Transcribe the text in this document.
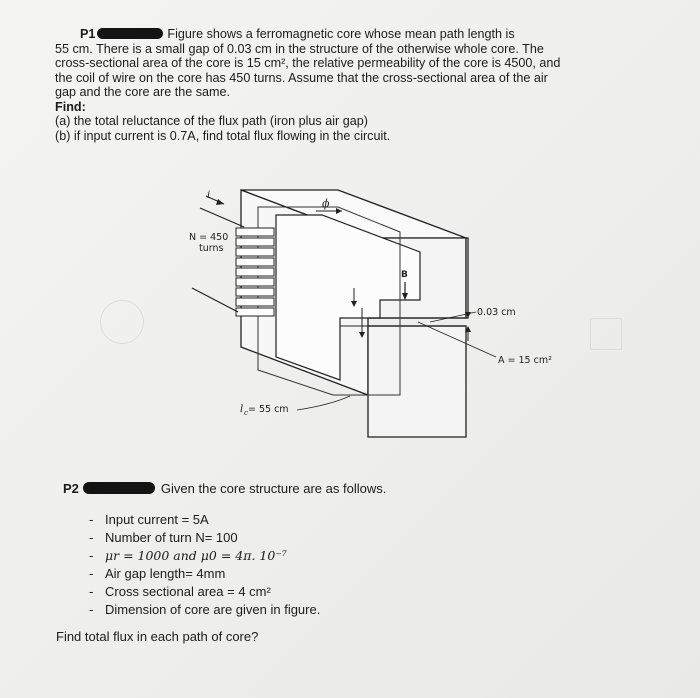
P1	Figure shows a ferromagnetic core whose mean path length is
55 cm. There is a small gap of 0.03 cm in the structure of the otherwise whole core. The
cross-sectional area of the core is 15 cm², the relative permeability of the core is 4500, and
the coil of wire on the core has 450 turns. Assume that the cross-sectional area of the air
gap and the core are the same.
Find:
(a) the total reluctance of the flux path (iron plus air gap)
(b) if input current is 0.7A, find total flux flowing in the circuit.
i
N = 450
turns
ϕ
B
0.03 cm
A = 15 cm²
l c = 55 cm
P2	Given the core structure are as follows.
- Input current = 5A
- Number of turn N= 100
- μr = 1000 and μ0 = 4π. 10⁻⁷
- Air gap length= 4mm
- Cross sectional area = 4 cm²
- Dimension of core are given in figure.
Find total flux in each path of core?
